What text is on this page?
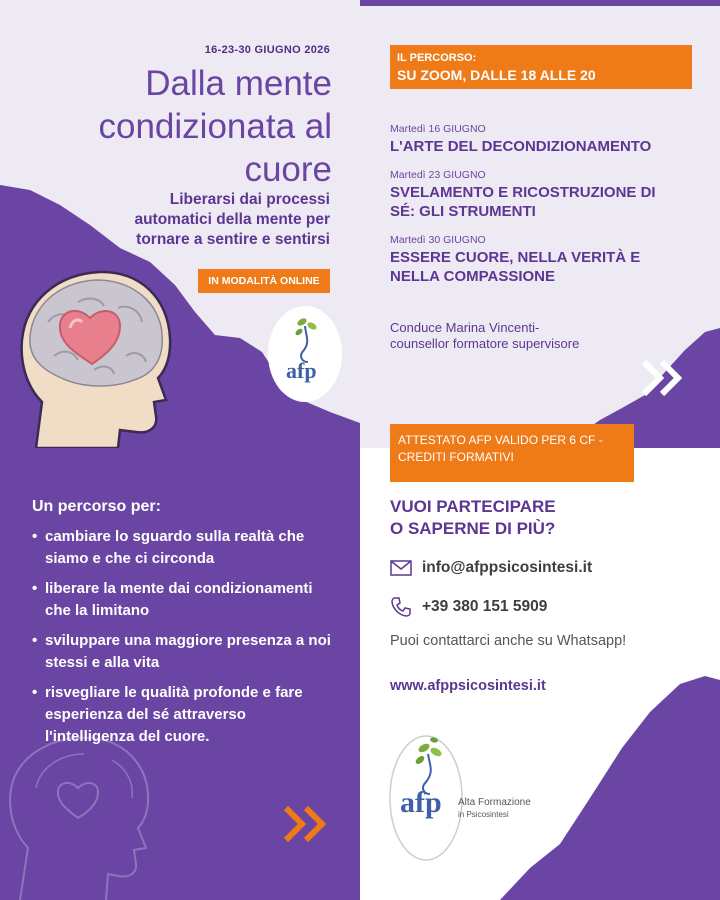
16-23-30 GIUGNO 2026
Dalla mente
condizionata al
cuore
Liberarsi dai processi
automatici della mente per
tornare a sentire e sentirsi
IN MODALITÀ ONLINE
afp
IL PERCORSO:
SU ZOOM, DALLE 18 ALLE 20
Martedì 16 GIUGNO
L'ARTE DEL DECONDIZIONAMENTO
Martedì 23 GIUGNO
SVELAMENTO E RICOSTRUZIONE DI SÉ: GLI STRUMENTI
Martedì 30 GIUGNO
ESSERE CUORE, NELLA VERITÀ E NELLA COMPASSIONE
Conduce Marina Vincenti-
counsellor formatore supervisore
Un percorso per:
• cambiare lo sguardo sulla realtà che siamo e che ci circonda
• liberare la mente dai condizionamenti che la limitano
• sviluppare una maggiore presenza a noi stessi e alla vita
• risvegliare le qualità profonde e fare esperienza del sé attraverso l'intelligenza del cuore.
ATTESTATO AFP VALIDO PER 6 CF - CREDITI FORMATIVI
VUOI PARTECIPARE
O SAPERNE DI PIÙ?
info@afppsicosintesi.it
+39 380 151 5909
Puoi contattarci anche su Whatsapp!
www.afppsicosintesi.it
afp Alta Formazione
in Psicosintesi
